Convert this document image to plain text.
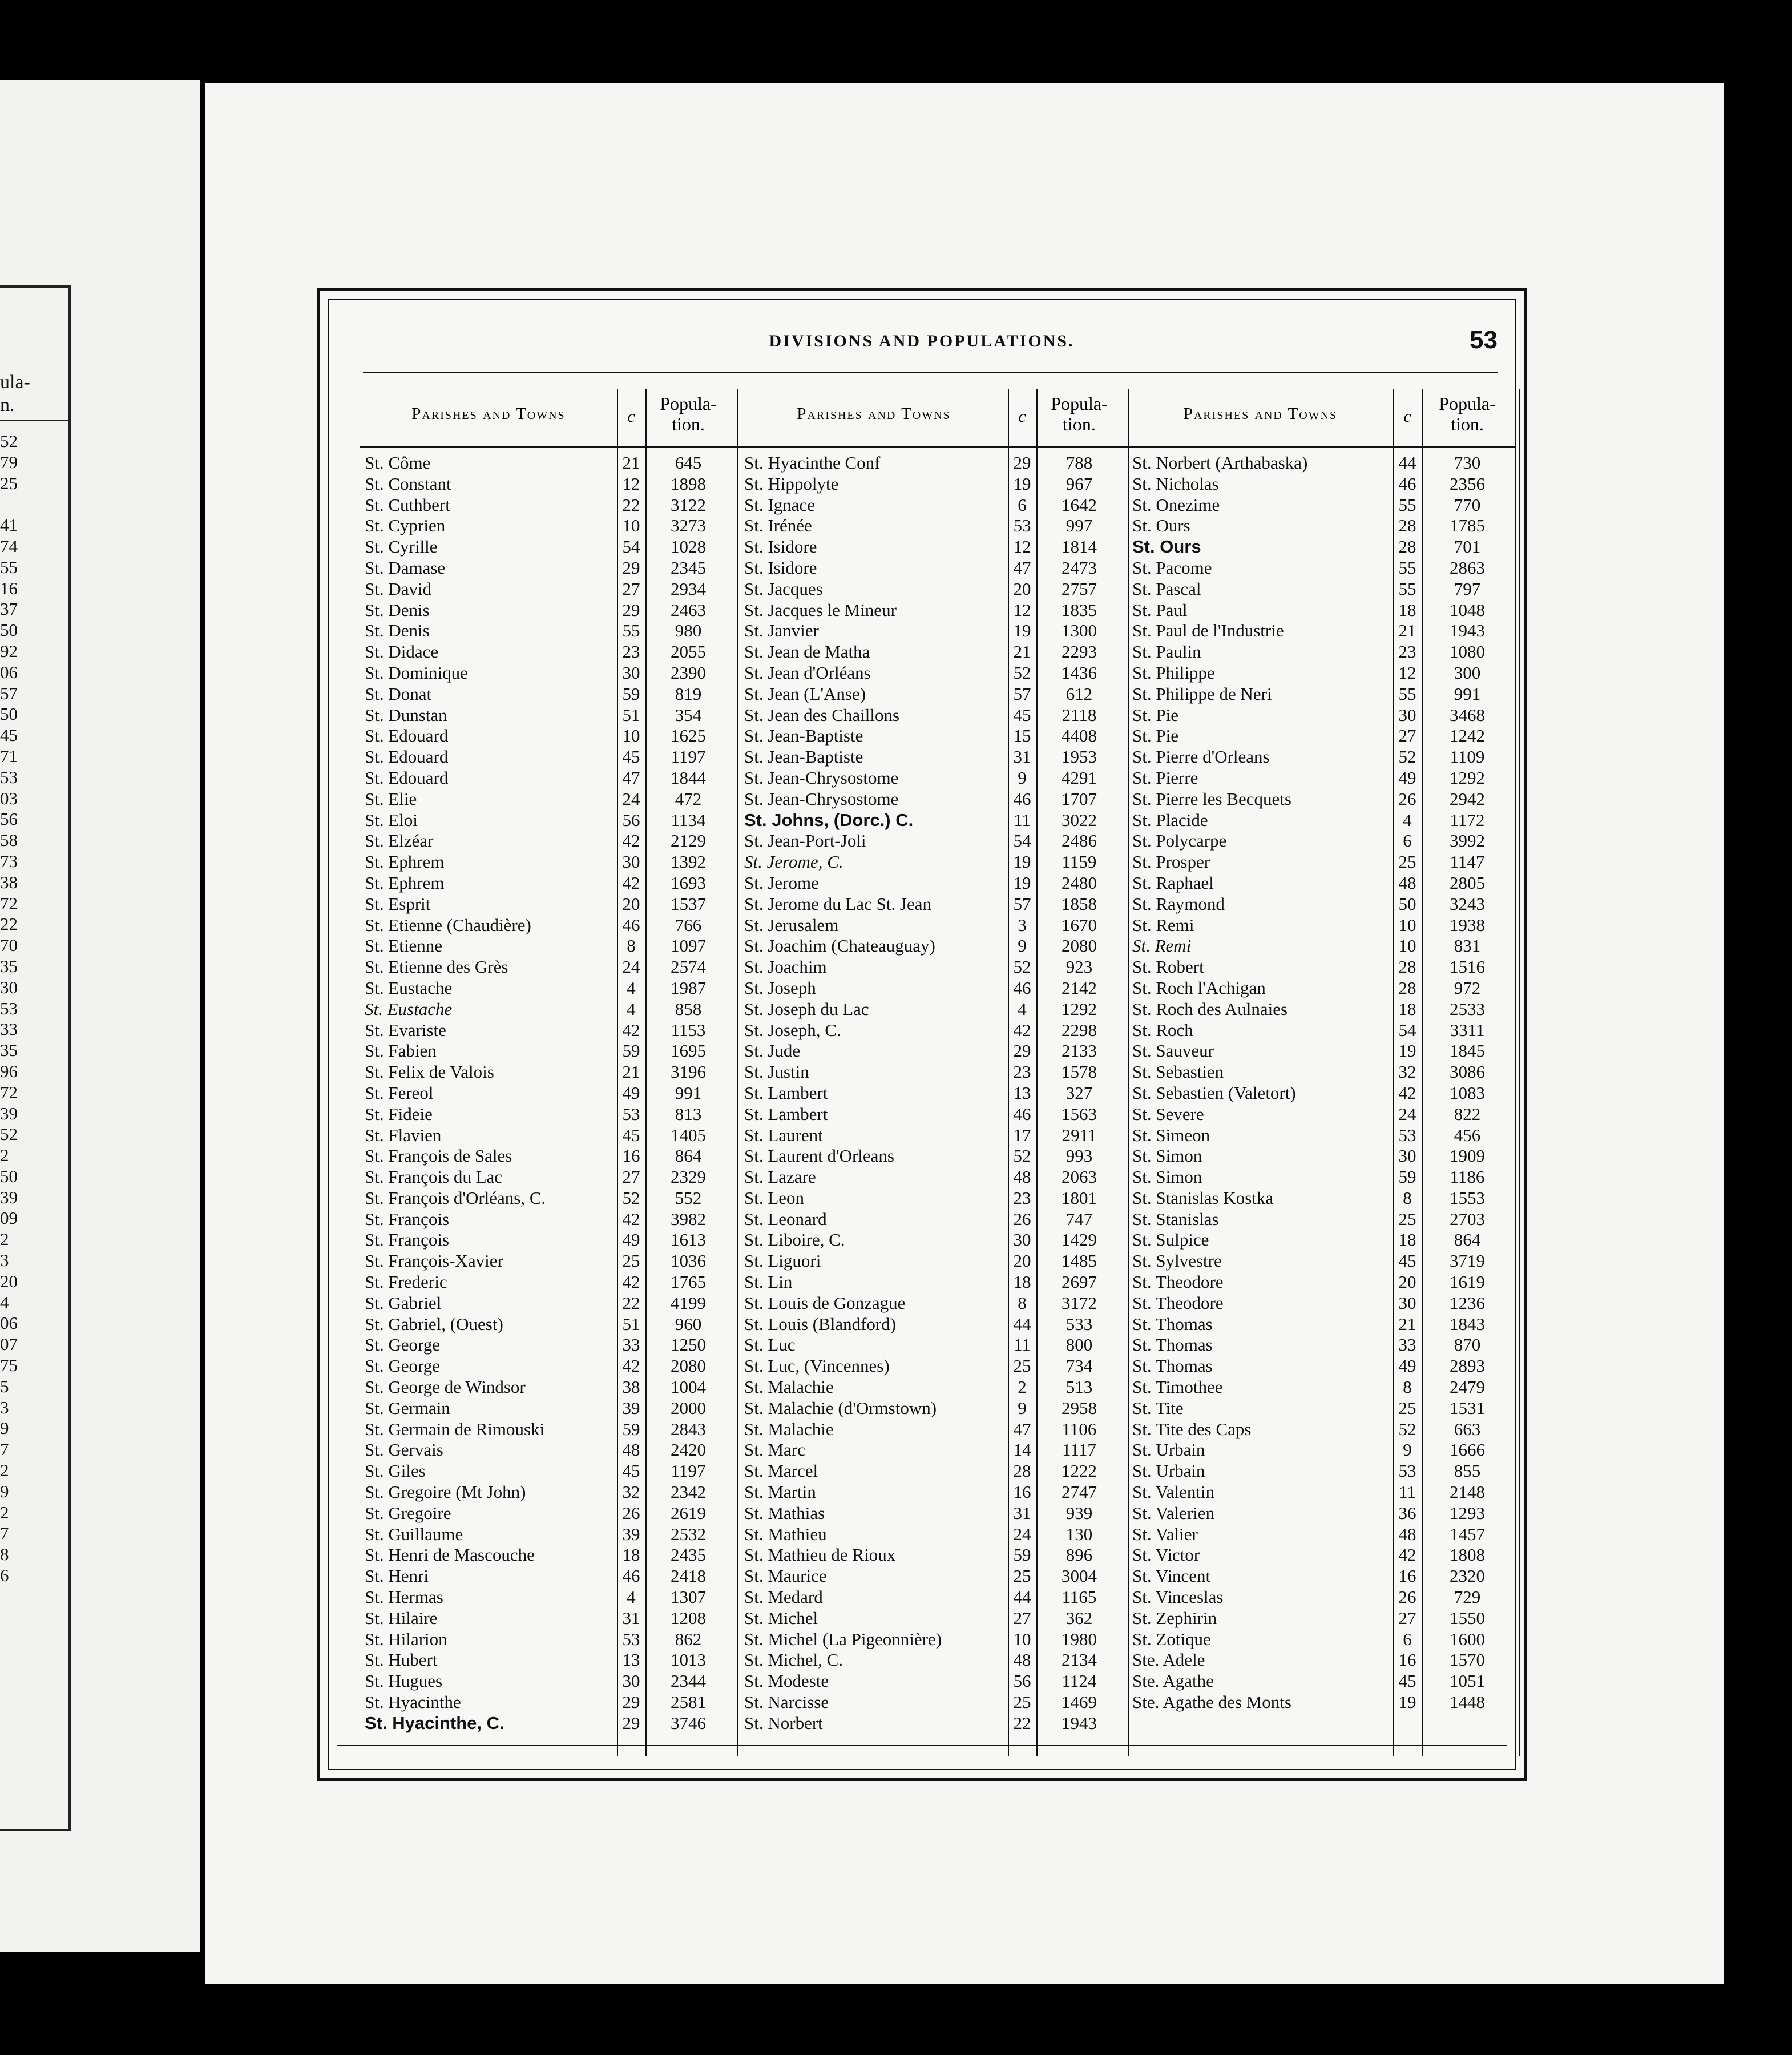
ula-
n.
52
79
25
41
74
55
16
37
50
92
06
57
50
45
71
53
03
56
58
73
38
72
22
70
35
30
53
33
35
96
72
39
52
2
50
39
09
2
3
20
4
06
07
75
5
3
9
7
2
9
2
7
8
6
DIVISIONS AND POPULATIONS.	53
Parishes and Towns	c
Popula-
tion.
St. Côme	21	645
St. Constant	12	1898
St. Cuthbert	22	3122
St. Cyprien	10	3273
St. Cyrille	54	1028
St. Damase	29	2345
St. David	27	2934
St. Denis	29	2463
St. Denis	55	980
St. Didace	23	2055
St. Dominique	30	2390
St. Donat	59	819
St. Dunstan	51	354
St. Edouard	10	1625
St. Edouard	45	1197
St. Edouard	47	1844
St. Elie	24	472
St. Eloi	56	1134
St. Elzéar	42	2129
St. Ephrem	30	1392
St. Ephrem	42	1693
St. Esprit	20	1537
St. Etienne (Chaudière)	46	766
St. Etienne	8	1097
St. Etienne des Grès	24	2574
St. Eustache	4	1987
St. Eustache	4	858
St. Evariste	42	1153
St. Fabien	59	1695
St. Felix de Valois	21	3196
St. Fereol	49	991
St. Fideie	53	813
St. Flavien	45	1405
St. François de Sales	16	864
St. François du Lac	27	2329
St. François d'Orléans, C.	52	552
St. François	42	3982
St. François	49	1613
St. François-Xavier	25	1036
St. Frederic	42	1765
St. Gabriel	22	4199
St. Gabriel, (Ouest)	51	960
St. George	33	1250
St. George	42	2080
St. George de Windsor	38	1004
St. Germain	39	2000
St. Germain de Rimouski	59	2843
St. Gervais	48	2420
St. Giles	45	1197
St. Gregoire (Mt John)	32	2342
St. Gregoire	26	2619
St. Guillaume	39	2532
St. Henri de Mascouche	18	2435
St. Henri	46	2418
St. Hermas	4	1307
St. Hilaire	31	1208
St. Hilarion	53	862
St. Hubert	13	1013
St. Hugues	30	2344
St. Hyacinthe	29	2581
St. Hyacinthe, C.	29	3746
Parishes and Towns	c
Popula-
tion.
St. Hyacinthe Conf	29	788
St. Hippolyte	19	967
St. Ignace	6	1642
St. Irénée	53	997
St. Isidore	12	1814
St. Isidore	47	2473
St. Jacques	20	2757
St. Jacques le Mineur	12	1835
St. Janvier	19	1300
St. Jean de Matha	21	2293
St. Jean d'Orléans	52	1436
St. Jean (L'Anse)	57	612
St. Jean des Chaillons	45	2118
St. Jean-Baptiste	15	4408
St. Jean-Baptiste	31	1953
St. Jean-Chrysostome	9	4291
St. Jean-Chrysostome	46	1707
St. Johns, (Dorc.) C.	11	3022
St. Jean-Port-Joli	54	2486
St. Jerome, C.	19	1159
St. Jerome	19	2480
St. Jerome du Lac St. Jean	57	1858
St. Jerusalem	3	1670
St. Joachim (Chateauguay)	9	2080
St. Joachim	52	923
St. Joseph	46	2142
St. Joseph du Lac	4	1292
St. Joseph, C.	42	2298
St. Jude	29	2133
St. Justin	23	1578
St. Lambert	13	327
St. Lambert	46	1563
St. Laurent	17	2911
St. Laurent d'Orleans	52	993
St. Lazare	48	2063
St. Leon	23	1801
St. Leonard	26	747
St. Liboire, C.	30	1429
St. Liguori	20	1485
St. Lin	18	2697
St. Louis de Gonzague	8	3172
St. Louis (Blandford)	44	533
St. Luc	11	800
St. Luc, (Vincennes)	25	734
St. Malachie	2	513
St. Malachie (d'Ormstown)	9	2958
St. Malachie	47	1106
St. Marc	14	1117
St. Marcel	28	1222
St. Martin	16	2747
St. Mathias	31	939
St. Mathieu	24	130
St. Mathieu de Rioux	59	896
St. Maurice	25	3004
St. Medard	44	1165
St. Michel	27	362
St. Michel (La Pigeonnière)	10	1980
St. Michel, C.	48	2134
St. Modeste	56	1124
St. Narcisse	25	1469
St. Norbert	22	1943
Parishes and Towns	c
Popula-
tion.
St. Norbert (Arthabaska)	44	730
St. Nicholas	46	2356
St. Onezime	55	770
St. Ours	28	1785
St. Ours	28	701
St. Pacome	55	2863
St. Pascal	55	797
St. Paul	18	1048
St. Paul de l'Industrie	21	1943
St. Paulin	23	1080
St. Philippe	12	300
St. Philippe de Neri	55	991
St. Pie	30	3468
St. Pie	27	1242
St. Pierre d'Orleans	52	1109
St. Pierre	49	1292
St. Pierre les Becquets	26	2942
St. Placide	4	1172
St. Polycarpe	6	3992
St. Prosper	25	1147
St. Raphael	48	2805
St. Raymond	50	3243
St. Remi	10	1938
St. Remi	10	831
St. Robert	28	1516
St. Roch l'Achigan	28	972
St. Roch des Aulnaies	18	2533
St. Roch	54	3311
St. Sauveur	19	1845
St. Sebastien	32	3086
St. Sebastien (Valetort)	42	1083
St. Severe	24	822
St. Simeon	53	456
St. Simon	30	1909
St. Simon	59	1186
St. Stanislas Kostka	8	1553
St. Stanislas	25	2703
St. Sulpice	18	864
St. Sylvestre	45	3719
St. Theodore	20	1619
St. Theodore	30	1236
St. Thomas	21	1843
St. Thomas	33	870
St. Thomas	49	2893
St. Timothee	8	2479
St. Tite	25	1531
St. Tite des Caps	52	663
St. Urbain	9	1666
St. Urbain	53	855
St. Valentin	11	2148
St. Valerien	36	1293
St. Valier	48	1457
St. Victor	42	1808
St. Vincent	16	2320
St. Vinceslas	26	729
St. Zephirin	27	1550
St. Zotique	6	1600
Ste. Adele	16	1570
Ste. Agathe	45	1051
Ste. Agathe des Monts	19	1448
